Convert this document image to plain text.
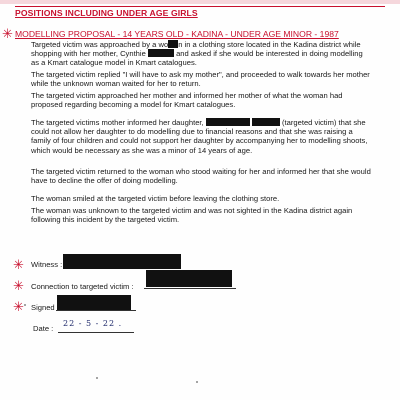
POSITIONS INCLUDING UNDER AGE GIRLS
✳ MODELLING PROPOSAL - 14 YEARS OLD - KADINA - UNDER AGE MINOR - 1987
Targeted victim was approached by a wo n in a clothing store located in the Kadina district while shopping with her mother, Cynthie	and asked if she would be interested in doing modelling as a Kmart catalogue model in Kmart catalogues.
The targeted victim replied "I will have to ask my mother", and proceeded to walk towards her mother while the unknown woman waited for her to return.
The targeted victim approached her mother and informed her mother of what the woman had proposed regarding becoming a model for Kmart catalogues.
The targeted victims mother informed her daughter,	(targeted victim) that she could not allow her daughter to do modelling due to financial reasons and that she was raising a family of four children and could not support her daughter by accompanying her to modelling shoots, which would be necessary as she was a minor of 14 years of age.
The targeted victim returned to the woman who stood waiting for her and informed her that she would have to decline the offer of doing modelling.
The woman smiled at the targeted victim before leaving the clothing store.
The woman was unknown to the targeted victim and was not sighted in the Kadina district again following this incident by the targeted victim.
✳ Witness :
✳ Connection to targeted victim :
✳ Signed
Date :
22 - 5 - 22 .
